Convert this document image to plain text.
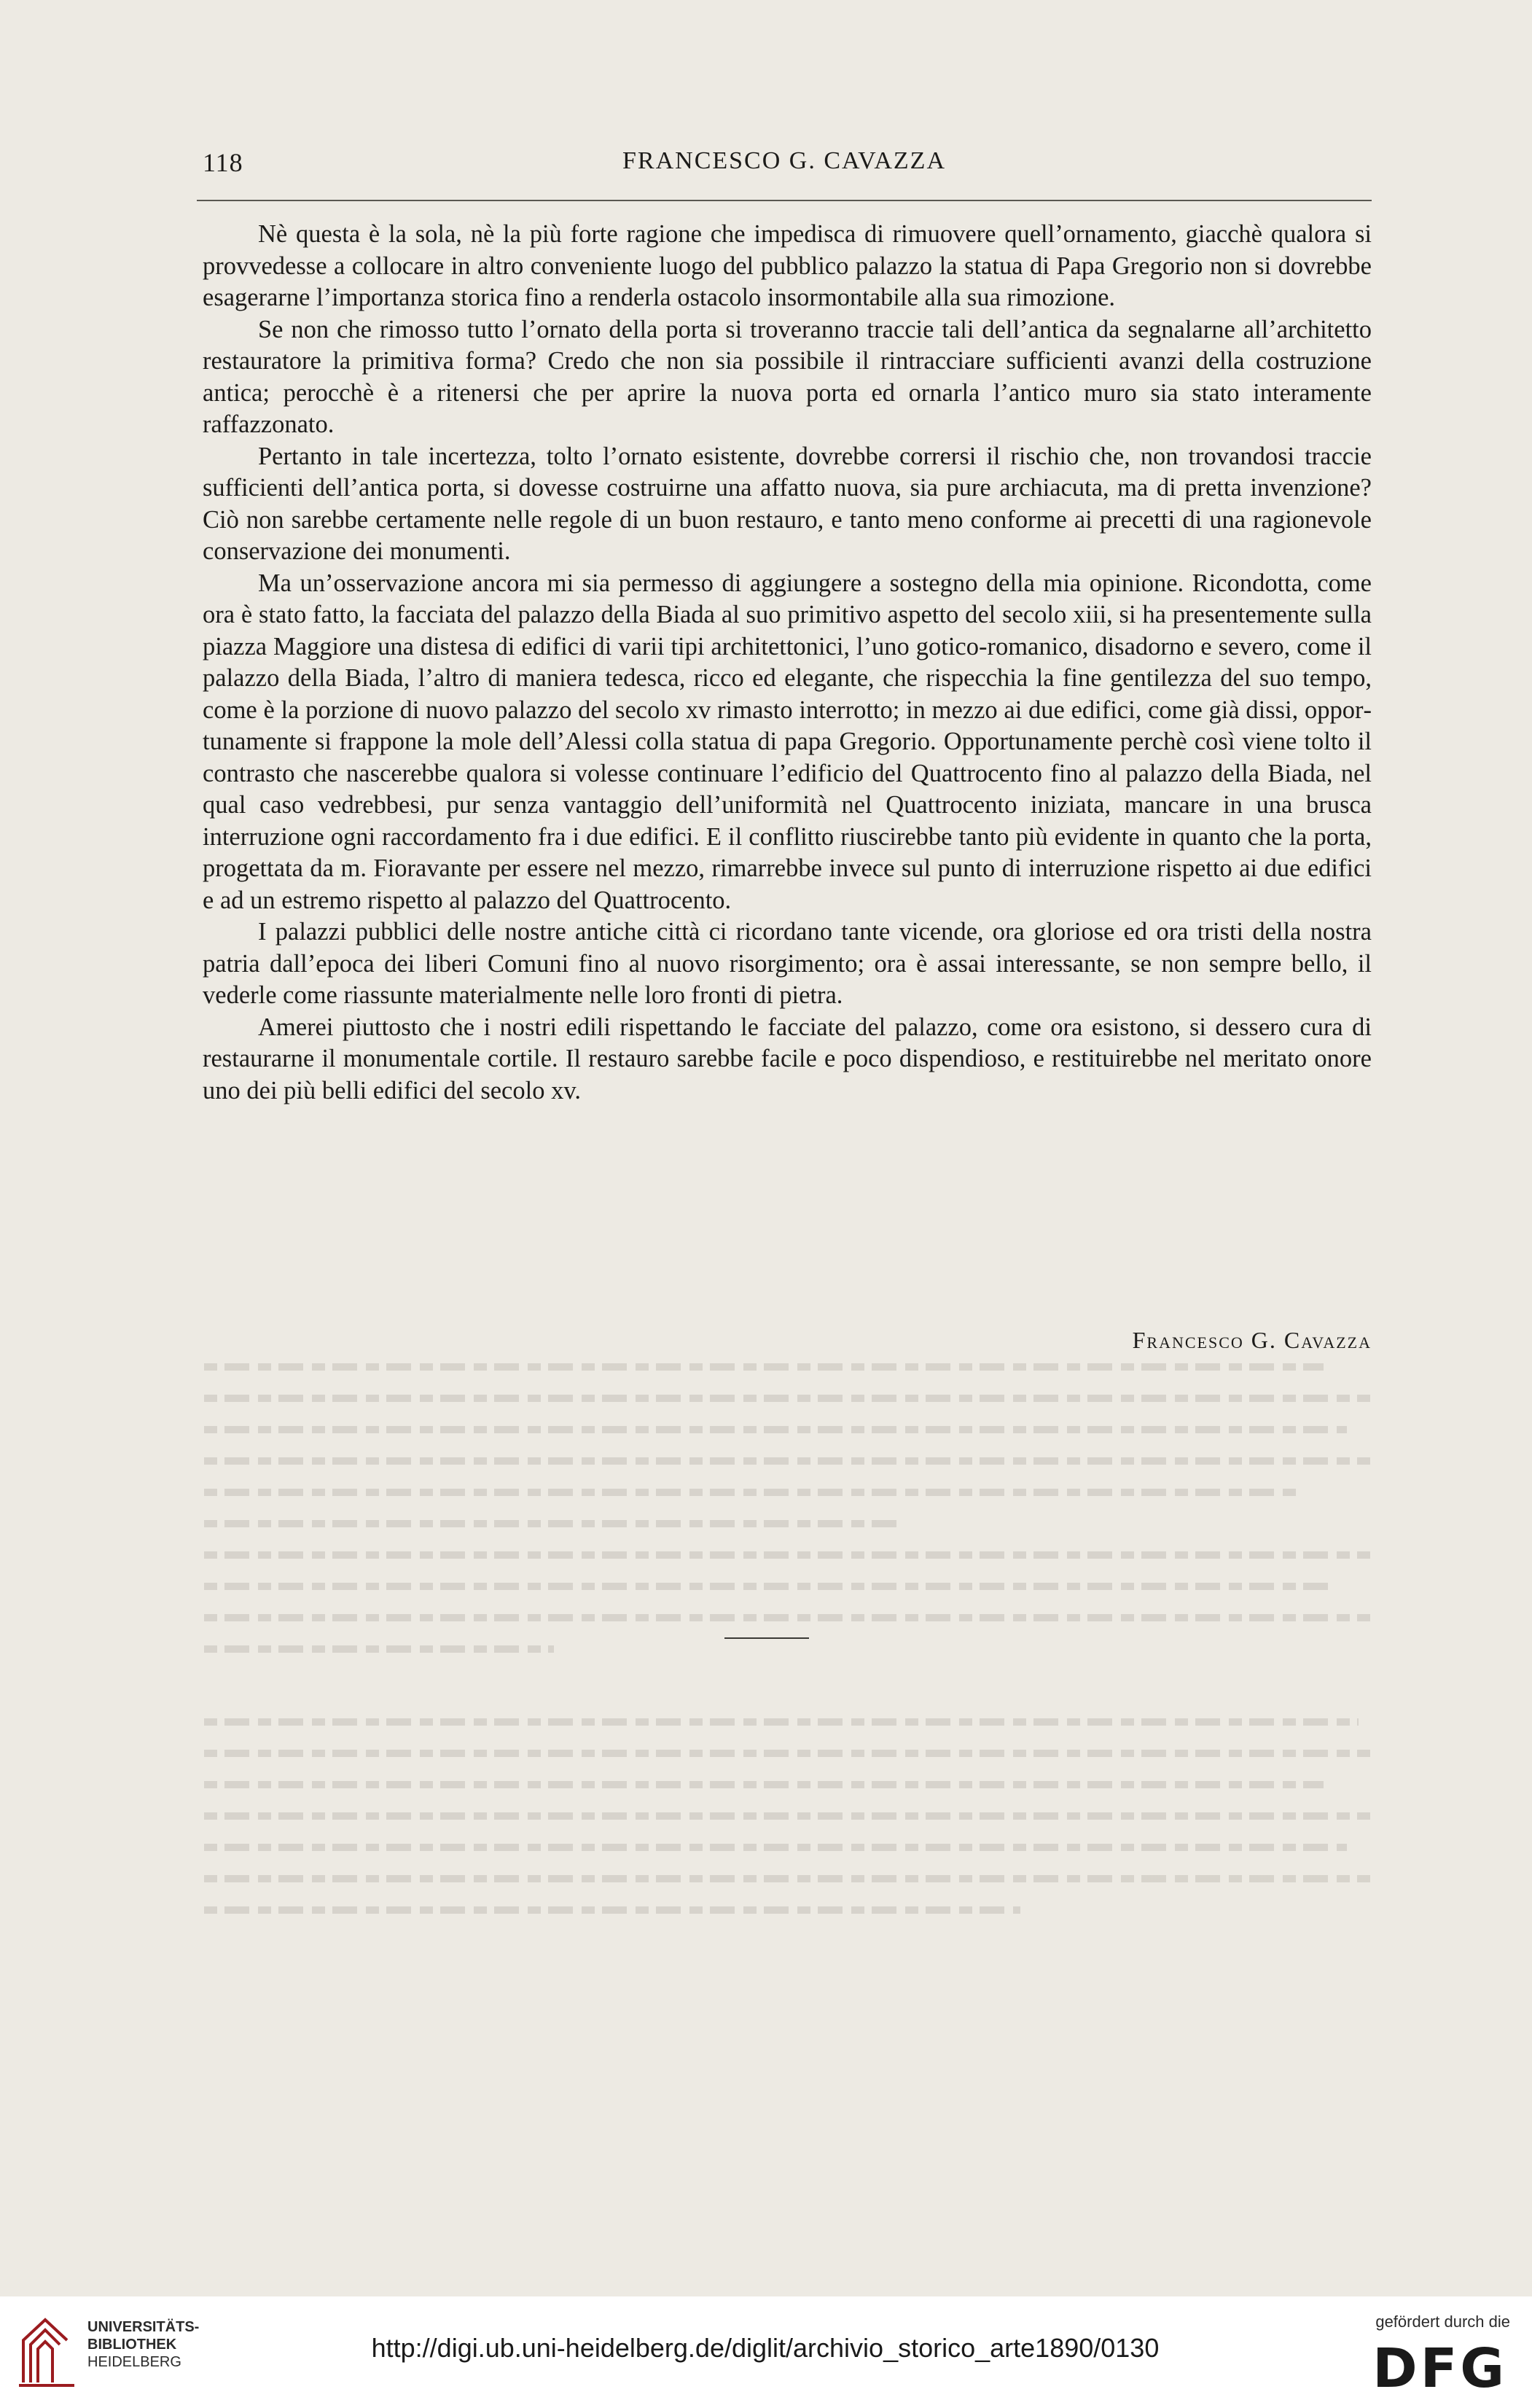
118	FRANCESCO G. CAVAZZA

Nè questa è la sola, nè la più forte ragione che impedisca di rimuovere quell’ornamento, giacchè qualora si provvedesse a collocare in altro conveniente luogo del pubblico palazzo la statua di Papa Gregorio non si dovrebbe esagerarne l’importanza storica fino a renderla ostacolo insormontabile alla sua rimozione.

Se non che rimosso tutto l’ornato della porta si troveranno traccie tali dell’antica da segnalarne all’architetto restauratore la primitiva forma? Credo che non sia possibile il rintracciare sufficienti avanzi della costruzione antica; perocchè è a ritenersi che per aprire la nuova porta ed ornarla l’antico muro sia stato interamente raffazzonato.

Pertanto in tale incertezza, tolto l’ornato esistente, dovrebbe corrersi il rischio che, non trovandosi traccie sufficienti dell’antica porta, si dovesse costruirne una affatto nuova, sia pure archiacuta, ma di pretta invenzione? Ciò non sarebbe certamente nelle regole di un buon restauro, e tanto meno conforme ai precetti di una ragionevole conservazione dei monumenti.

Ma un’osservazione ancora mi sia permesso di aggiungere a sostegno della mia opinione. Ricondotta, come ora è stato fatto, la facciata del palazzo della Biada al suo primitivo aspetto del secolo xiii, si ha presentemente sulla piazza Maggiore una distesa di edifici di varii tipi architettonici, l’uno gotico-romanico, disadorno e severo, come il palazzo della Biada, l’altro di maniera tedesca, ricco ed elegante, che rispecchia la fine gentilezza del suo tempo, come è la porzione di nuovo palazzo del secolo xv rimasto interrotto; in mezzo ai due edifici, come già dissi, opportunamente si frappone la mole dell’Alessi colla statua di papa Gregorio. Opportunamente perchè così viene tolto il contrasto che nascerebbe qualora si volesse continuare l’edificio del Quattrocento fino al palazzo della Biada, nel qual caso vedrebbesi, pur senza vantaggio dell’uniformità nel Quattrocento iniziata, mancare in una brusca interruzione ogni raccordamento fra i due edifici. E il conflitto riuscirebbe tanto più evidente in quanto che la porta, progettata da m. Fioravante per essere nel mezzo, rimarrebbe invece sul punto di interruzione rispetto ai due edifici e ad un estremo rispetto al palazzo del Quattrocento.

I palazzi pubblici delle nostre antiche città ci ricordano tante vicende, ora gloriose ed ora tristi della nostra patria dall’epoca dei liberi Comuni fino al nuovo risorgimento; ora è assai interessante, se non sempre bello, il vederle come riassunte materialmente nelle loro fronti di pietra.

Amerei piuttosto che i nostri edili rispettando le facciate del palazzo, come ora esistono, si dessero cura di restaurarne il monumentale cortile. Il restauro sarebbe facile e poco dispendioso, e restituirebbe nel meritato onore uno dei più belli edifici del secolo xv.

Francesco G. Cavazza
UNIVERSITÄTS-
BIBLIOTHEK
HEIDELBERG	http://digi.ub.uni-heidelberg.de/diglit/archivio_storico_arte1890/0130
gefördert durch die
DFG
